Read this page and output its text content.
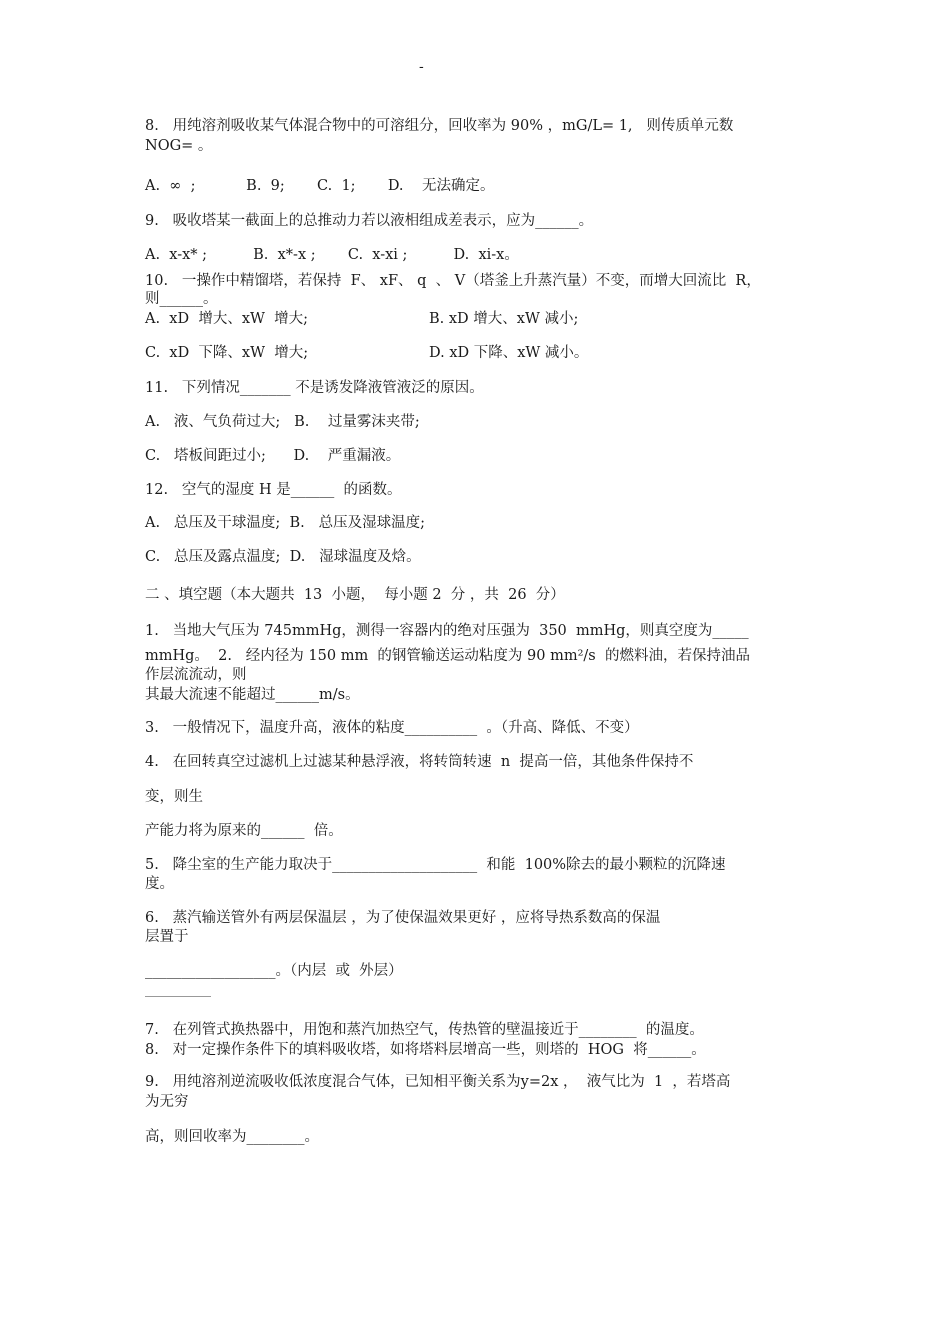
-
8.   用纯溶剂吸收某气体混合物中的可溶组分，回收率为 90% ，mG/L= 1,   则传质单元数
NOG= 。
A.  ∞  ;           B.  9;       C.  1;       D.    无法确定。
9.   吸收塔某一截面上的总推动力若以液相组成差表示，应为______。
A.  x-x* ;          B.  x*-x ;       C.  x-xi ;          D.  xi-x。
10.   一操作中精馏塔，若保持  F、 xF、 q  、 V（塔釜上升蒸汽量）不变，而增大回流比  R，
则______。
A.  xD  增大、xW  增大;	B. xD 增大、xW 减小;
C.  xD  下降、xW  增大;	D. xD 下降、xW 减小。
11.   下列情况_______ 不是诱发降液管液泛的原因。
A.   液、气负荷过大;   B.    过量雾沫夹带;
C.   塔板间距过小;      D.    严重漏液。
12.   空气的湿度 H 是______  的函数。
A.   总压及干球温度;  B.   总压及湿球温度;
C.   总压及露点温度;  D.   湿球温度及焓。
二 、填空题（本大题共  13  小题，  每小题 2  分 ，共  26  分）
1.   当地大气压为 745mmHg，测得一容器内的绝对压强为  350  mmHg，则真空度为_____
mmHg。  2.   经内径为 150 mm  的钢管输送运动粘度为 90 mm²/s  的燃料油，若保持油品
作层流流动，则
其最大流速不能超过______m/s。
3.   一般情况下，温度升高，液体的粘度__________  。（升高、降低、不变）
4.   在回转真空过滤机上过滤某种悬浮液，将转筒转速  n  提高一倍，其他条件保持不
变，则生
产能力将为原来的______  倍。
5.   降尘室的生产能力取决于____________________  和能  100%除去的最小颗粒的沉降速
度。
6.   蒸汽输送管外有两层保温层 ，为了使保温效果更好 ，应将导热系数高的保温
层置于
__________________。（内层  或  外层）
7.   在列管式换热器中，用饱和蒸汽加热空气，传热管的壁温接近于________  的温度。
8.   对一定操作条件下的填料吸收塔，如将塔料层增高一些，则塔的  HOG  将______。
9.   用纯溶剂逆流吸收低浓度混合气体，已知相平衡关系为y=2x ，  液气比为  1  ，若塔高
为无穷
高，则回收率为________。
